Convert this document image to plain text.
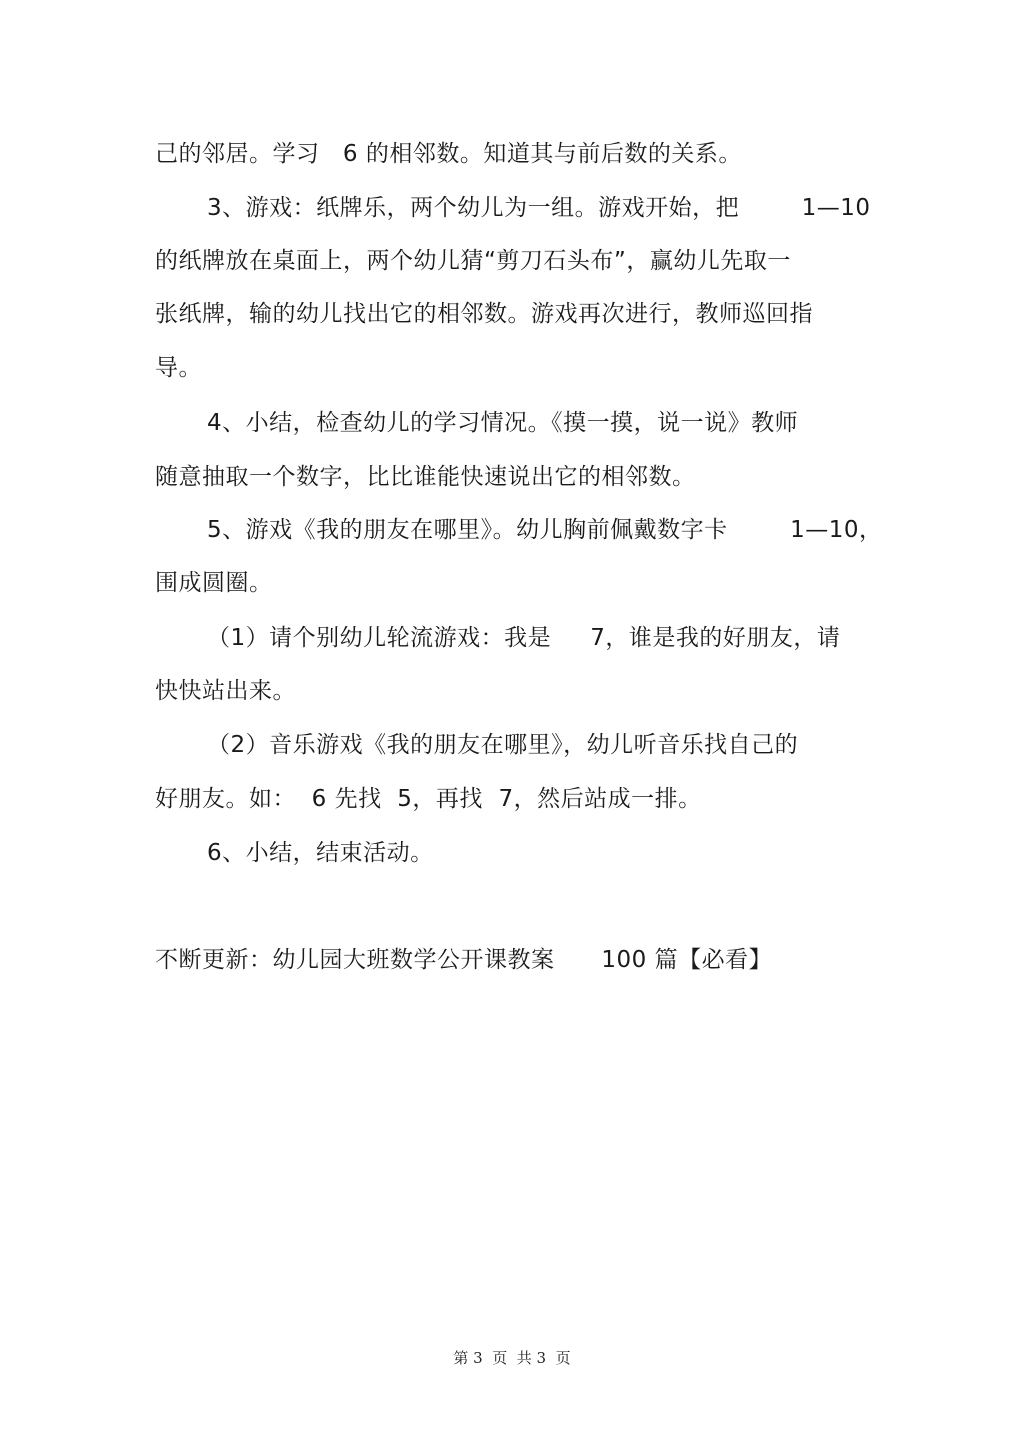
己的邻居。学习   6 的相邻数。知道其与前后数的关系。
3、游戏：纸牌乐，两个幼儿为一组。游戏开始，把        1—10
的纸牌放在桌面上，两个幼儿猜“剪刀石头布”，赢幼儿先取一
张纸牌，输的幼儿找出它的相邻数。游戏再次进行，教师巡回指
导。
4、小结，检查幼儿的学习情况。《摸一摸，说一说》教师
随意抽取一个数字，比比谁能快速说出它的相邻数。
5、游戏《我的朋友在哪里》。幼儿胸前佩戴数字卡        1—10，
围成圆圈。
（1）请个别幼儿轮流游戏：我是     7，谁是我的好朋友，请
快快站出来。
（2）音乐游戏《我的朋友在哪里》，幼儿听音乐找自己的
好朋友。如：  6 先找  5，再找  7，然后站成一排。
6、小结，结束活动。
不断更新：幼儿园大班数学公开课教案      100 篇【必看】
第 3  页  共 3  页
